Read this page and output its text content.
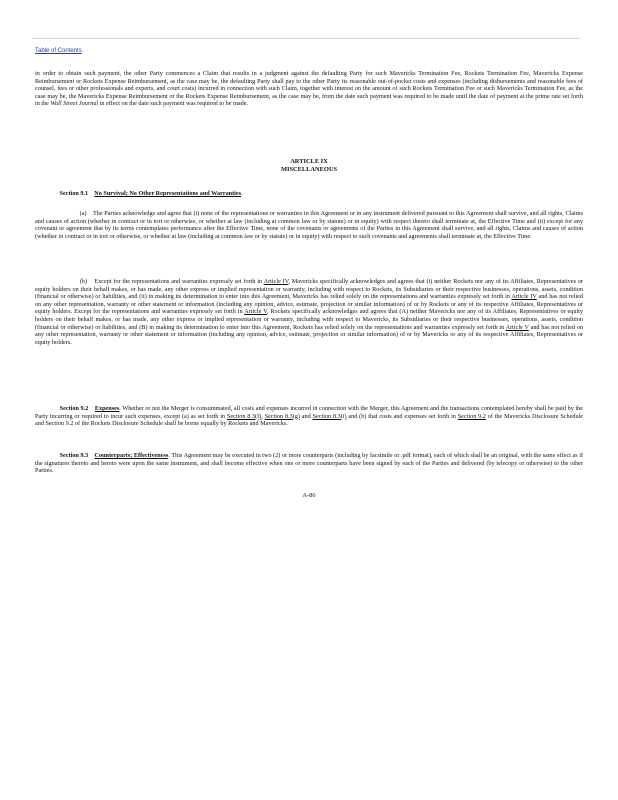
Table of Contents

in order to obtain such payment, the other Party commences a Claim that results in a judgment against the defaulting Party for such Mavericks Termination Fee, Rockets Termination Fee, Mavericks Expense Reimbursement or Rockets Expense Reimbursement, as the case may be, the defaulting Party shall pay to the other Party its reasonable out-of-pocket costs and expenses (including disbursements and reasonable fees of counsel, fees or other professionals and experts, and court costs) incurred in connection with such Claim, together with interest on the amount of such Rockets Termination Fee or such Mavericks Termination Fee, as the case may be, the Mavericks Expense Reimbursement or the Rockets Expense Reimbursement, as the case may be, from the date such payment was required to be made until the date of payment at the prime rate set forth in the Wall Street Journal in effect on the date such payment was required to be made.

ARTICLE IX
MISCELLANEOUS

Section 9.1 No Survival; No Other Representations and Warranties.

(a) The Parties acknowledge and agree that (i) none of the representations or warranties in this Agreement or in any instrument delivered pursuant to this Agreement shall survive, and all rights, Claims and causes of action (whether in contract or in tort or otherwise, or whether at law (including at common law or by statute) or in equity) with respect thereto shall terminate at, the Effective Time and (ii) except for any covenant or agreement that by its terms contemplates performance after the Effective Time, none of the covenants or agreements of the Parties in this Agreement shall survive, and all rights, Claims and causes of action (whether in contract or in tort or otherwise, or whether at law (including at common law or by statute) or in equity) with respect to such covenants and agreements shall terminate at, the Effective Time.

(b) Except for the representations and warranties expressly set forth in Article IV, Mavericks specifically acknowledges and agrees that (i) neither Rockets nor any of its Affiliates, Representatives or equity holders on their behalf makes, or has made, any other express or implied representation or warranty, including with respect to Rockets, its Subsidiaries or their respective businesses, operations, assets, condition (financial or otherwise) or liabilities, and (ii) in making its determination to enter into this Agreement, Mavericks has relied solely on the representations and warranties expressly set forth in Article IV and has not relied on any other representation, warranty or other statement or information (including any opinion, advice, estimate, projection or similar information) of or by Rockets or any of its respective Affiliates, Representatives or equity holders. Except for the representations and warranties expressly set forth in Article V, Rockets specifically acknowledges and agrees that (A) neither Mavericks nor any of its Affiliates, Representatives or equity holders on their behalf makes, or has made, any other express or implied representation or warranty, including with respect to Mavericks, its Subsidiaries or their respective businesses, operations, assets, condition (financial or otherwise) or liabilities, and (B) in making its determination to enter into this Agreement, Rockets has relied solely on the representations and warranties expressly set forth in Article V and has not relied on any other representation, warranty or other statement or information (including any opinion, advice, estimate, projection or similar information) of or by Mavericks or any of its respective Affiliates, Representatives or equity holders.

Section 9.2 Expenses. Whether or not the Merger is consummated, all costs and expenses incurred in connection with the Merger, this Agreement and the transactions contemplated hereby shall be paid by the Party incurring or required to incur such expenses, except (a) as set forth in Section 8.3(f), Section 8.3(g) and Section 8.3(i) and (b) that costs and expenses set forth in Section 9.2 of the Mavericks Disclosure Schedule and Section 9.2 of the Rockets Disclosure Schedule shall be borne equally by Rockets and Mavericks.

Section 9.3 Counterparts; Effectiveness. This Agreement may be executed in two (2) or more counterparts (including by facsimile or .pdf format), each of which shall be an original, with the same effect as if the signatures thereto and hereto were upon the same instrument, and shall become effective when one or more counterparts have been signed by each of the Parties and delivered (by telecopy or otherwise) to the other Parties.

A-86
